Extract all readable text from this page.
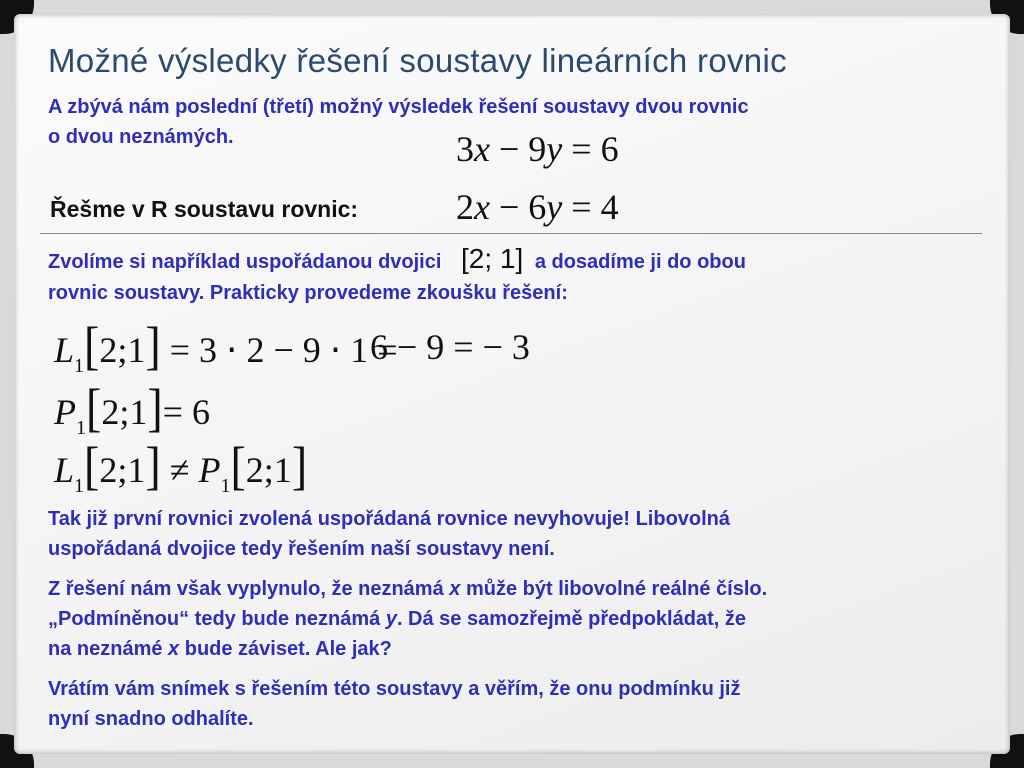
Možné výsledky řešení soustavy lineárních rovnic
A zbývá nám poslední (třetí) možný výsledek řešení soustavy dvou rovnic
o dvou neznámých.	3x − 9y = 6
Řešme v R soustavu rovnic:	2x − 6y = 4
Zvolíme si například uspořádanou dvojici [2; 1] a dosadíme ji do obou
rovnic soustavy. Prakticky provedeme zkoušku řešení:
$L_1[2;1] = 3 \cdot 2 - 9 \cdot 1$ =
6 − 9 = − 3
$P_1[2;1]= 6$
$L_1[2;1]$ ≠ $P_1[2;1]$
Tak již první rovnici zvolená uspořádaná rovnice nevyhovuje! Libovolná
uspořádaná dvojice tedy řešením naší soustavy není.
Z řešení nám však vyplynulo, že neznámá x může být libovolné reálné číslo.
„Podmíněnou“ tedy bude neznámá y. Dá se samozřejmě předpokládat, že
na neznámé x bude záviset. Ale jak?
Vrátím vám snímek s řešením této soustavy a věřím, že onu podmínku již
nyní snadno odhalíte.
